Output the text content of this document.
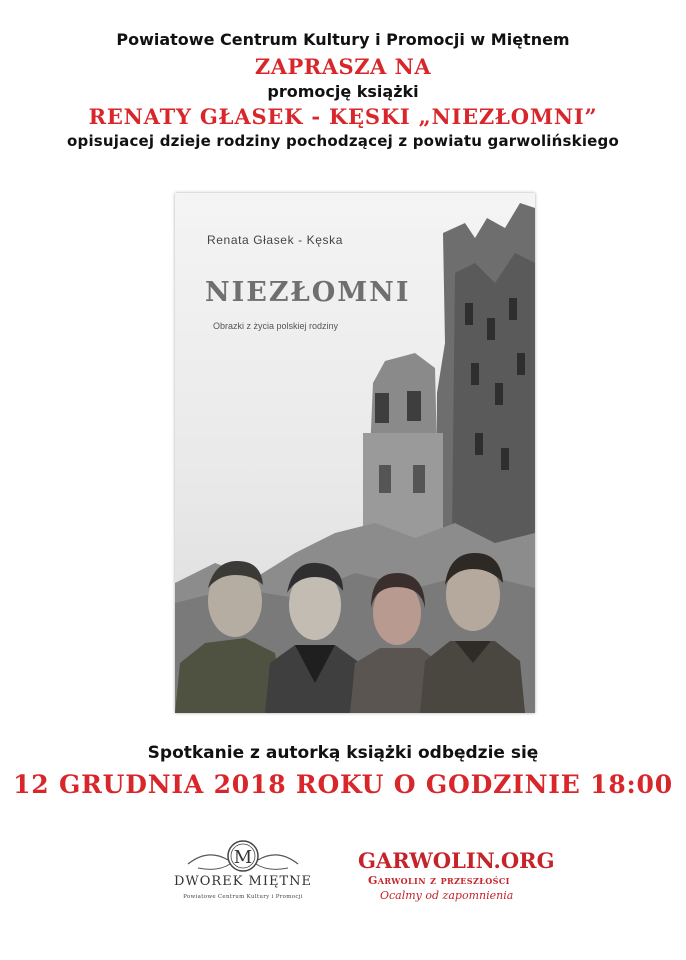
Powiatowe Centrum Kultury i Promocji w Miętnem
ZAPRASZA NA
promocję książki
RENATY GŁASEK - KĘSKI „NIEZŁOMNI”
opisujacej dzieje rodziny pochodzącej z powiatu garwolińskiego
Renata Głasek - Kęska
NIEZŁOMNI
Obrazki z życia polskiej rodziny
Spotkanie z autorką książki odbędzie się
12 GRUDNIA 2018 ROKU O GODZINIE 18:00
M
DWOREK MIĘTNE
Powiatowe Centrum Kultury i Promocji
GARWOLIN.ORG
Garwolin z przeszłości
Ocalmy od zapomnienia
